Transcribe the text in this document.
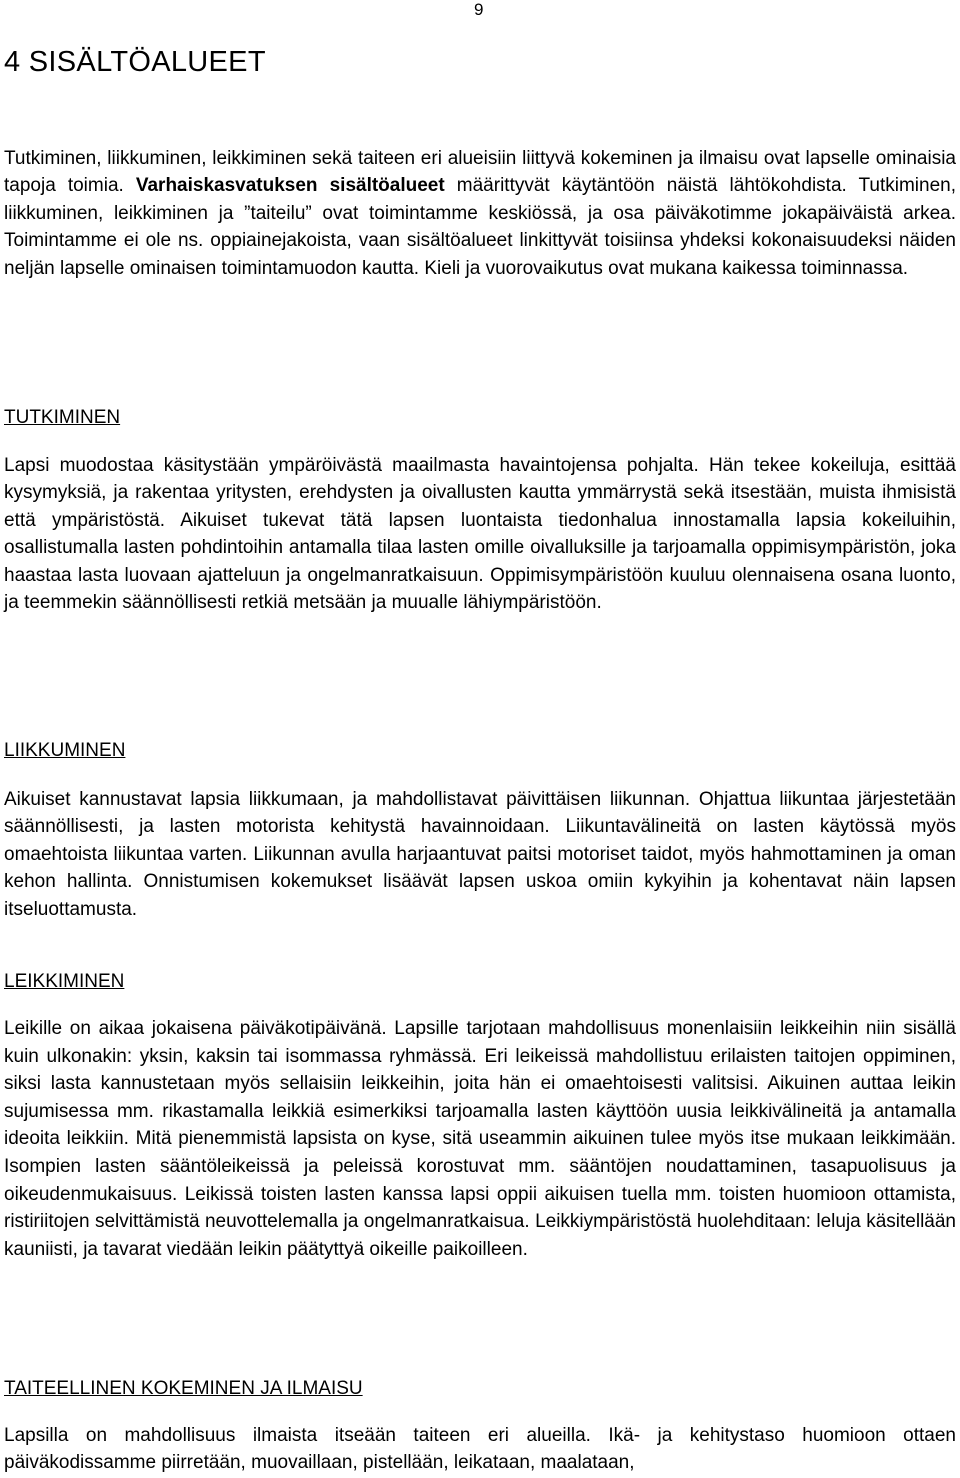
9
4 SISÄLTÖALUEET

Tutkiminen, liikkuminen, leikkiminen sekä taiteen eri alueisiin liittyvä kokeminen ja ilmaisu ovat lapselle ominaisia tapoja toimia. Varhaiskasvatuksen sisältöalueet määrittyvät käytäntöön näistä lähtökohdista. Tutkiminen, liikkuminen, leikkiminen ja ”taiteilu” ovat toimintamme keskiössä, ja osa päiväkotimme jokapäiväistä arkea. Toimintamme ei ole ns. oppiainejakoista, vaan sisältöalueet linkittyvät toisiinsa yhdeksi kokonaisuudeksi näiden neljän lapselle ominaisen toimintamuodon kautta. Kieli ja vuorovaikutus ovat mukana kaikessa toiminnassa.

TUTKIMINEN

Lapsi muodostaa käsitystään ympäröivästä maailmasta havaintojensa pohjalta. Hän tekee kokeiluja, esittää kysymyksiä, ja rakentaa yritysten, erehdysten ja oivallusten kautta ymmärrystä sekä itsestään, muista ihmisistä että ympäristöstä. Aikuiset tukevat tätä lapsen luontaista tiedonhalua innostamalla lapsia kokeiluihin, osallistumalla lasten pohdintoihin antamalla tilaa lasten omille oivalluksille ja tarjoamalla oppimisympäristön, joka haastaa lasta luovaan ajatteluun ja ongelmanratkaisuun. Oppimisympäristöön kuuluu olennaisena osana luonto, ja teemmekin säännöllisesti retkiä metsään ja muualle lähiympäristöön.

LIIKKUMINEN

Aikuiset kannustavat lapsia liikkumaan, ja mahdollistavat päivittäisen liikunnan. Ohjattua liikuntaa järjestetään säännöllisesti, ja lasten motorista kehitystä havainnoidaan. Liikuntavälineitä on lasten käytössä myös omaehtoista liikuntaa varten. Liikunnan avulla harjaantuvat paitsi motoriset taidot, myös hahmottaminen ja oman kehon hallinta. Onnistumisen kokemukset lisäävät lapsen uskoa omiin kykyihin ja kohentavat näin lapsen itseluottamusta.

LEIKKIMINEN

Leikille on aikaa jokaisena päiväkotipäivänä. Lapsille tarjotaan mahdollisuus monenlaisiin leikkeihin niin sisällä kuin ulkonakin: yksin, kaksin tai isommassa ryhmässä. Eri leikeissä mahdollistuu erilaisten taitojen oppiminen, siksi lasta kannustetaan myös sellaisiin leikkeihin, joita hän ei omaehtoisesti valitsisi. Aikuinen auttaa leikin sujumisessa mm. rikastamalla leikkiä esimerkiksi tarjoamalla lasten käyttöön uusia leikkivälineitä ja antamalla ideoita leikkiin. Mitä pienemmistä lapsista on kyse, sitä useammin aikuinen tulee myös itse mukaan leikkimään. Isompien lasten sääntöleikeissä ja peleissä korostuvat mm. sääntöjen noudattaminen, tasapuolisuus ja oikeudenmukaisuus. Leikissä toisten lasten kanssa lapsi oppii aikuisen tuella mm. toisten huomioon ottamista, ristiriitojen selvittämistä neuvottelemalla ja ongelmanratkaisua. Leikkiympäristöstä huolehditaan: leluja käsitellään kauniisti, ja tavarat viedään leikin päätyttyä oikeille paikoilleen.

TAITEELLINEN KOKEMINEN JA ILMAISU

Lapsilla on mahdollisuus ilmaista itseään taiteen eri alueilla. Ikä- ja kehitystaso huomioon ottaen päiväkodissamme piirretään, muovaillaan, pistellään, leikataan, maalataan,
